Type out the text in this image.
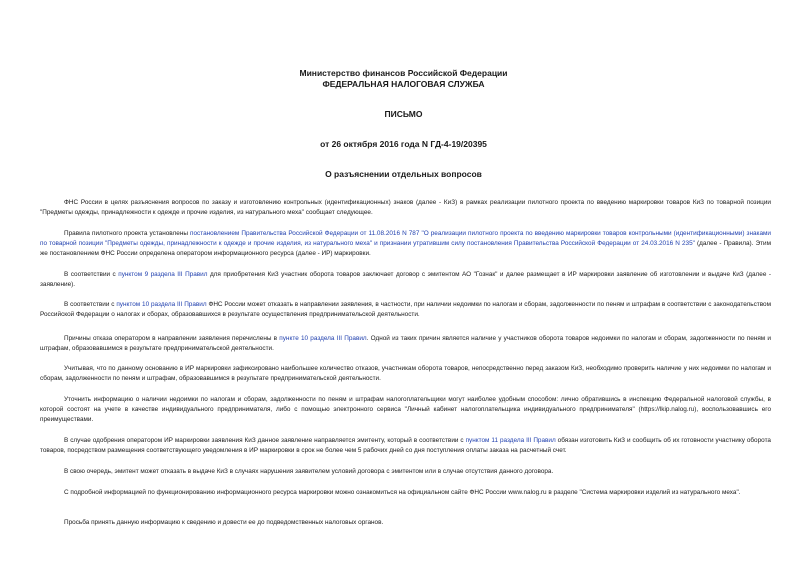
Министерство финансов Российской Федерации
ФЕДЕРАЛЬНАЯ НАЛОГОВАЯ СЛУЖБА
ПИСЬМО
от 26 октября 2016 года N ГД-4-19/20395
О разъяснении отдельных вопросов

ФНС России в целях разъяснения вопросов по заказу и изготовлению контрольных (идентификационных) знаков (далее - КиЗ) в рамках реализации пилотного проекта по введению маркировки товаров КиЗ по товарной позиции "Предметы одежды, принадлежности к одежде и прочие изделия, из натурального меха" сообщает следующее.

Правила пилотного проекта установлены постановлением Правительства Российской Федерации от 11.08.2016 N 787 "О реализации пилотного проекта по введению маркировки товаров контрольными (идентификационными) знаками по товарной позиции "Предметы одежды, принадлежности к одежде и прочие изделия, из натурального меха" и признании утратившим силу постановления Правительства Российской Федерации от 24.03.2016 N 235" (далее - Правила). Этим же постановлением ФНС России определена оператором информационного ресурса (далее - ИР) маркировки.

В соответствии с пунктом 9 раздела III Правил для приобретения КиЗ участник оборота товаров заключает договор с эмитентом АО "Гознак" и далее размещает в ИР маркировки заявление об изготовлении и выдаче КиЗ (далее - заявление).

В соответствии с пунктом 10 раздела III Правил ФНС России может отказать в направлении заявления, в частности, при наличии недоимки по налогам и сборам, задолженности по пеням и штрафам в соответствии с законодательством Российской Федерации о налогах и сборах, образовавшихся в результате осуществления предпринимательской деятельности.

Причины отказа оператором в направлении заявления перечислены в пункте 10 раздела III Правил. Одной из таких причин является наличие у участников оборота товаров недоимки по налогам и сборам, задолженности по пеням и штрафам, образовавшимся в результате предпринимательской деятельности.

Учитывая, что по данному основанию в ИР маркировки зафиксировано наибольшее количество отказов, участникам оборота товаров, непосредственно перед заказом КиЗ, необходимо проверить наличие у них недоимки по налогам и сборам, задолженности по пеням и штрафам, образовавшимся в результате предпринимательской деятельности.

Уточнить информацию о наличии недоимки по налогам и сборам, задолженности по пеням и штрафам налогоплательщики могут наиболее удобным способом: лично обратившись в инспекцию Федеральной налоговой службы, в которой состоят на учете в качестве индивидуального предпринимателя, либо с помощью электронного сервиса "Личный кабинет налогоплательщика индивидуального предпринимателя" (https://lkip.nalog.ru), воспользовавшись его преимуществами.

В случае одобрения оператором ИР маркировки заявления КиЗ данное заявление направляется эмитенту, который в соответствии с пунктом 11 раздела III Правил обязан изготовить КиЗ и сообщить об их готовности участнику оборота товаров, посредством размещения соответствующего уведомления в ИР маркировки в срок не более чем 5 рабочих дней со дня поступления оплаты заказа на расчетный счет.

В свою очередь, эмитент может отказать в выдаче КиЗ в случаях нарушения заявителем условий договора с эмитентом или в случае отсутствия данного договора.

С подробной информацией по функционированию информационного ресурса маркировки можно ознакомиться на официальном сайте ФНС России www.nalog.ru в разделе "Система маркировки изделий из натурального меха".

Просьба принять данную информацию к сведению и довести ее до подведомственных налоговых органов.
